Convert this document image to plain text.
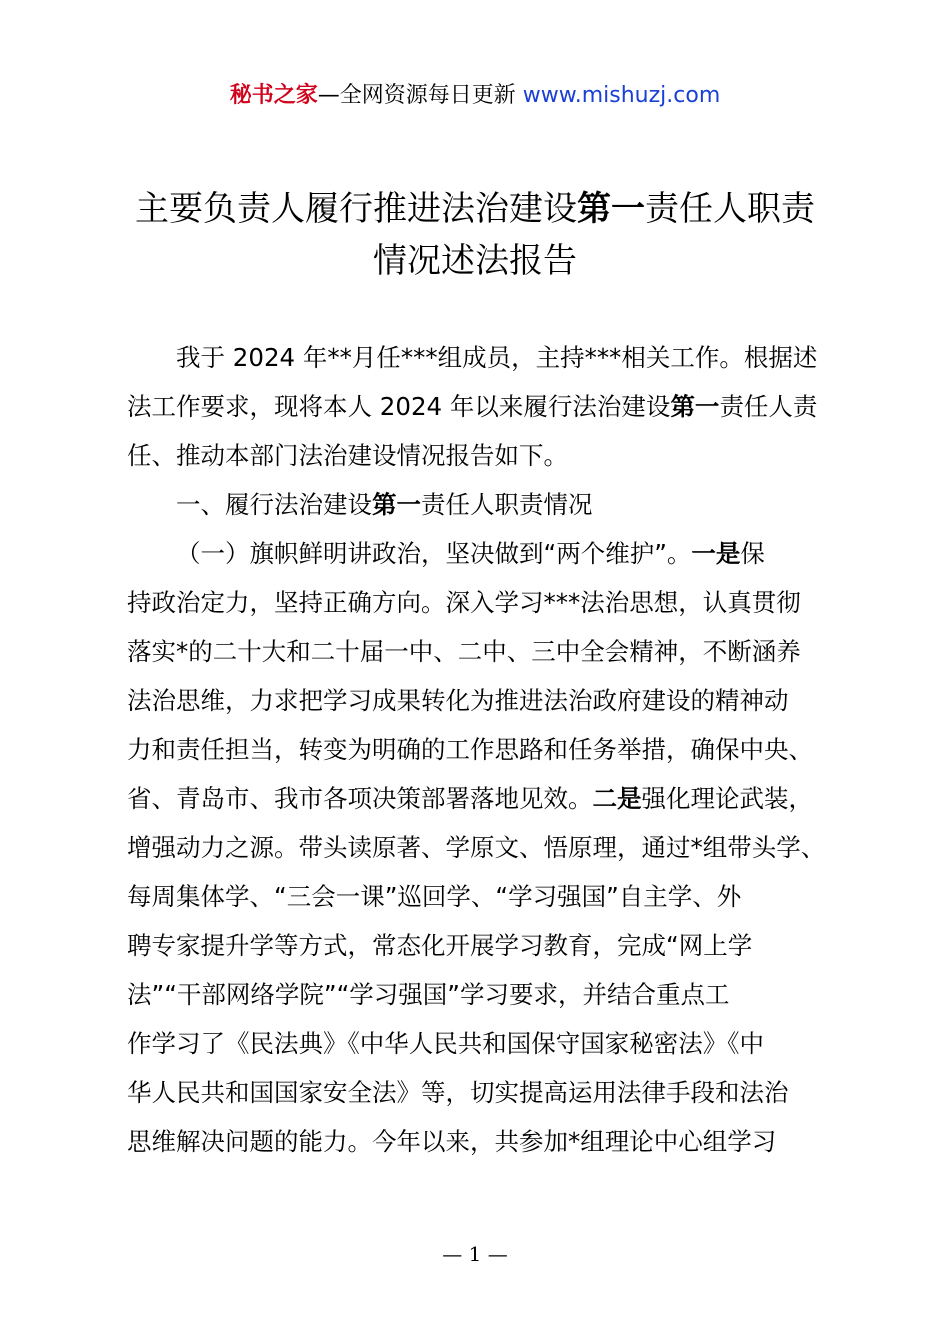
秘书之家—全网资源每日更新 www.mishuzj.com
主要负责人履行推进法治建设第一责任人职责
情况述法报告
我于 2024 年**月任***组成员，主持***相关工作。根据述
法工作要求，现将本人 2024 年以来履行法治建设第一责任人责
任、推动本部门法治建设情况报告如下。
一、履行法治建设第一责任人职责情况
（一）旗帜鲜明讲政治，坚决做到“两个维护”。一是保
持政治定力，坚持正确方向。深入学习***法治思想，认真贯彻
落实*的二十大和二十届一中、二中、三中全会精神，不断涵养
法治思维，力求把学习成果转化为推进法治政府建设的精神动
力和责任担当，转变为明确的工作思路和任务举措，确保中央、
省、青岛市、我市各项决策部署落地见效。二是强化理论武装，
增强动力之源。带头读原著、学原文、悟原理，通过*组带头学、
每周集体学、“三会一课”巡回学、“学习强国”自主学、外
聘专家提升学等方式，常态化开展学习教育，完成“网上学
法”“干部网络学院”“学习强国”学习要求，并结合重点工
作学习了《民法典》《中华人民共和国保守国家秘密法》《中
华人民共和国国家安全法》等，切实提高运用法律手段和法治
思维解决问题的能力。今年以来，共参加*组理论中心组学习
— 1 —
